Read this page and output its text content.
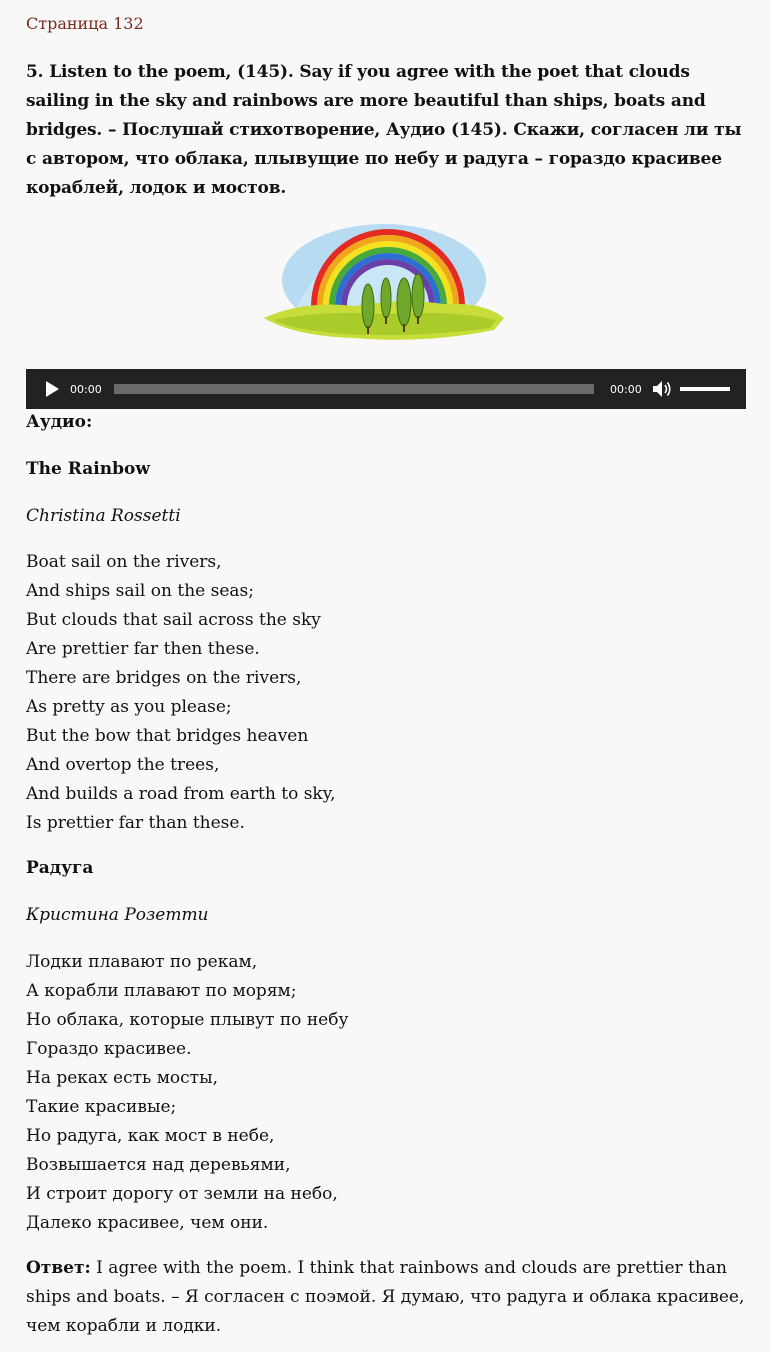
Страница 132
5. Listen to the poem, (145). Say if you agree with the poet that clouds sailing in the sky and rainbows are more beautiful than ships, boats and bridges. – Послушай стихотворение, Аудио (145). Скажи, согласен ли ты с автором, что облака, плывущие по небу и радуга – гораздо красивее кораблей, лодок и мостов.
00:00	00:00
Аудио:
The Rainbow
Christina Rossetti
Boat sail on the rivers,
And ships sail on the seas;
But clouds that sail across the sky
Are prettier far then these.
There are bridges on the rivers,
As pretty as you please;
But the bow that bridges heaven
And overtop the trees,
And builds a road from earth to sky,
Is prettier far than these.
Радуга
Кристина Розетти
Лодки плавают по рекам,
А корабли плавают по морям;
Но облака, которые плывут по небу
Гораздо красивее.
На реках есть мосты,
Такие красивые;
Но радуга, как мост в небе,
Возвышается над деревьями,
И строит дорогу от земли на небо,
Далеко красивее, чем они.
Ответ: I agree with the poem. I think that rainbows and clouds are prettier than ships and boats. – Я согласен с поэмой. Я думаю, что радуга и облака красивее, чем корабли и лодки.
